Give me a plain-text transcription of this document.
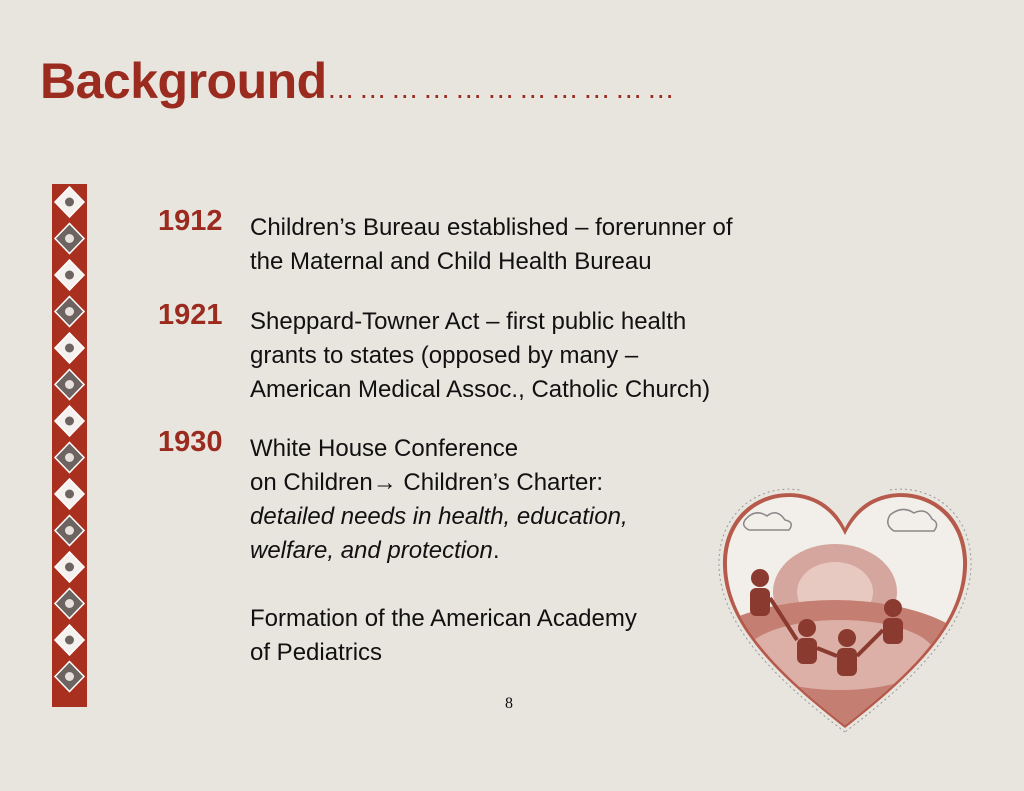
Background……………………………
1912 Children’s Bureau established – forerunner of
the Maternal and Child Health Bureau
1921 Sheppard-Towner Act – first public health
grants to states (opposed by many –
American Medical Assoc., Catholic Church)
1930 White House Conference
on Children→ Children’s Charter:
detailed needs in health, education,
welfare, and protection.
Formation of the American Academy
of Pediatrics
8
